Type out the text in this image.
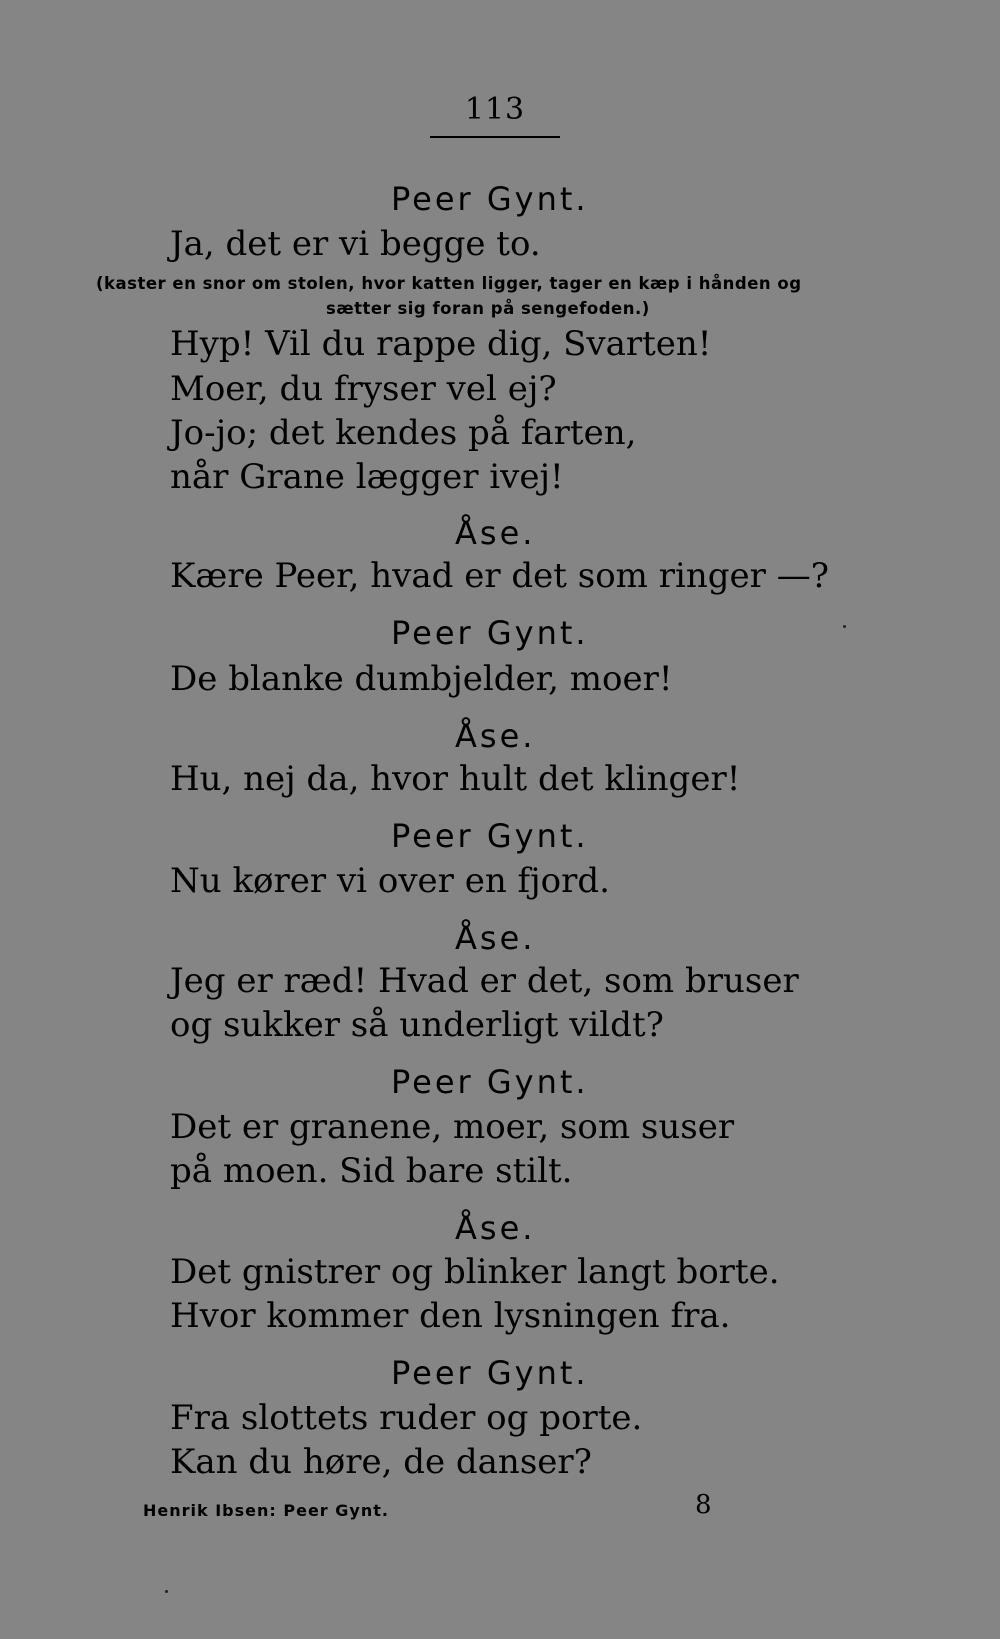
113
Peer Gynt.
Ja, det er vi begge to.
(kaster en snor om stolen, hvor katten ligger, tager en kæp i hånden og
sætter sig foran på sengefoden.)
Hyp! Vil du rappe dig, Svarten!
Moer, du fryser vel ej?
Jo-jo; det kendes på farten,
når Grane lægger ivej!
Åse.
Kære Peer, hvad er det som ringer —?
Peer Gynt.
De blanke dumbjelder, moer!
Åse.
Hu, nej da, hvor hult det klinger!
Peer Gynt.
Nu kører vi over en fjord.
Åse.
Jeg er ræd! Hvad er det, som bruser
og sukker så underligt vildt?
Peer Gynt.
Det er granene, moer, som suser
på moen. Sid bare stilt.
Åse.
Det gnistrer og blinker langt borte.
Hvor kommer den lysningen fra.
Peer Gynt.
Fra slottets ruder og porte.
Kan du høre, de danser?
Henrik Ibsen: Peer Gynt.	8
